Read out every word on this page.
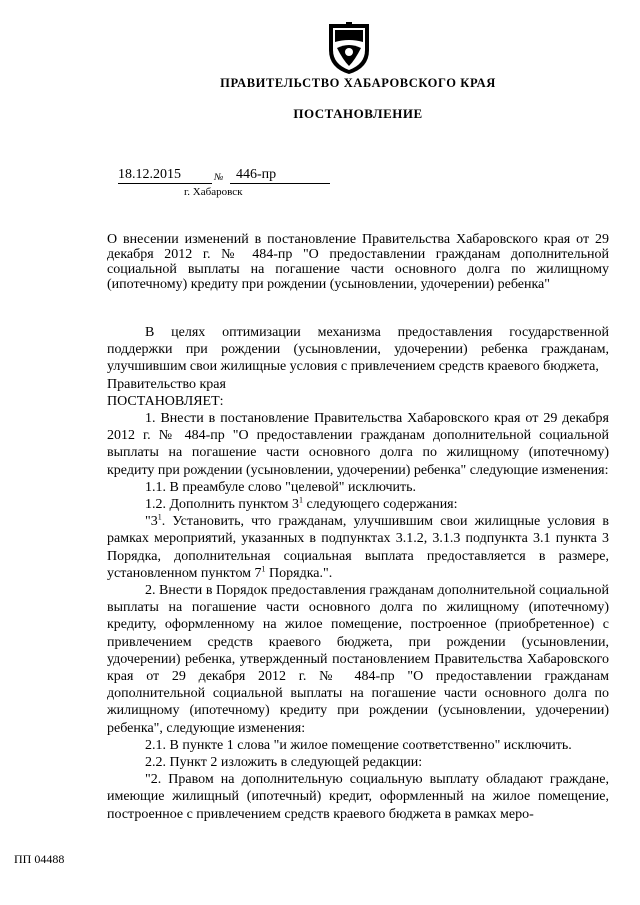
ПРАВИТЕЛЬСТВО ХАБАРОВСКОГО КРАЯ
ПОСТАНОВЛЕНИЕ
18.12.2015	№ 446-пр
г. Хабаровск
О внесении изменений в постановление Правительства Хабаровского края от 29 декабря 2012 г. № 484-пр "О предоставлении гражданам дополнительной социальной выплаты на погашение части основного долга по жилищному (ипотечному) кредиту при рождении (усыновлении, удочерении) ребенка"

В целях оптимизации механизма предоставления государственной поддержки при рождении (усыновлении, удочерении) ребенка гражданам, улучшившим свои жилищные условия с привлечением средств краевого бюджета,

Правительство края

ПОСТАНОВЛЯЕТ:

1. Внести в постановление Правительства Хабаровского края от 29 декабря 2012 г. № 484-пр "О предоставлении гражданам дополнительной социальной выплаты на погашение части основного долга по жилищному (ипотечному) кредиту при рождении (усыновлении, удочерении) ребенка" следующие изменения:

1.1. В преамбуле слово "целевой" исключить.

1.2. Дополнить пунктом $3^1$ следующего содержания:

"$3^1$. Установить, что гражданам, улучшившим свои жилищные условия в рамках мероприятий, указанных в подпунктах 3.1.2, 3.1.3 подпункта 3.1 пункта 3 Порядка, дополнительная социальная выплата предоставляется в размере, установленном пунктом $7^1$ Порядка.".

2. Внести в Порядок предоставления гражданам дополнительной социальной выплаты на погашение части основного долга по жилищному (ипотечному) кредиту, оформленному на жилое помещение, построенное (приобретенное) с привлечением средств краевого бюджета, при рождении (усыновлении, удочерении) ребенка, утвержденный постановлением Правительства Хабаровского края от 29 декабря 2012 г. № 484-пр "О предоставлении гражданам дополнительной социальной выплаты на погашение части основного долга по жилищному (ипотечному) кредиту при рождении (усыновлении, удочерении) ребенка", следующие изменения:

2.1. В пункте 1 слова "и жилое помещение соответственно" исключить.

2.2. Пункт 2 изложить в следующей редакции:

"2. Правом на дополнительную социальную выплату обладают граждане, имеющие жилищный (ипотечный) кредит, оформленный на жилое помещение, построенное с привлечением средств краевого бюджета в рамках меро-

ПП 04488
